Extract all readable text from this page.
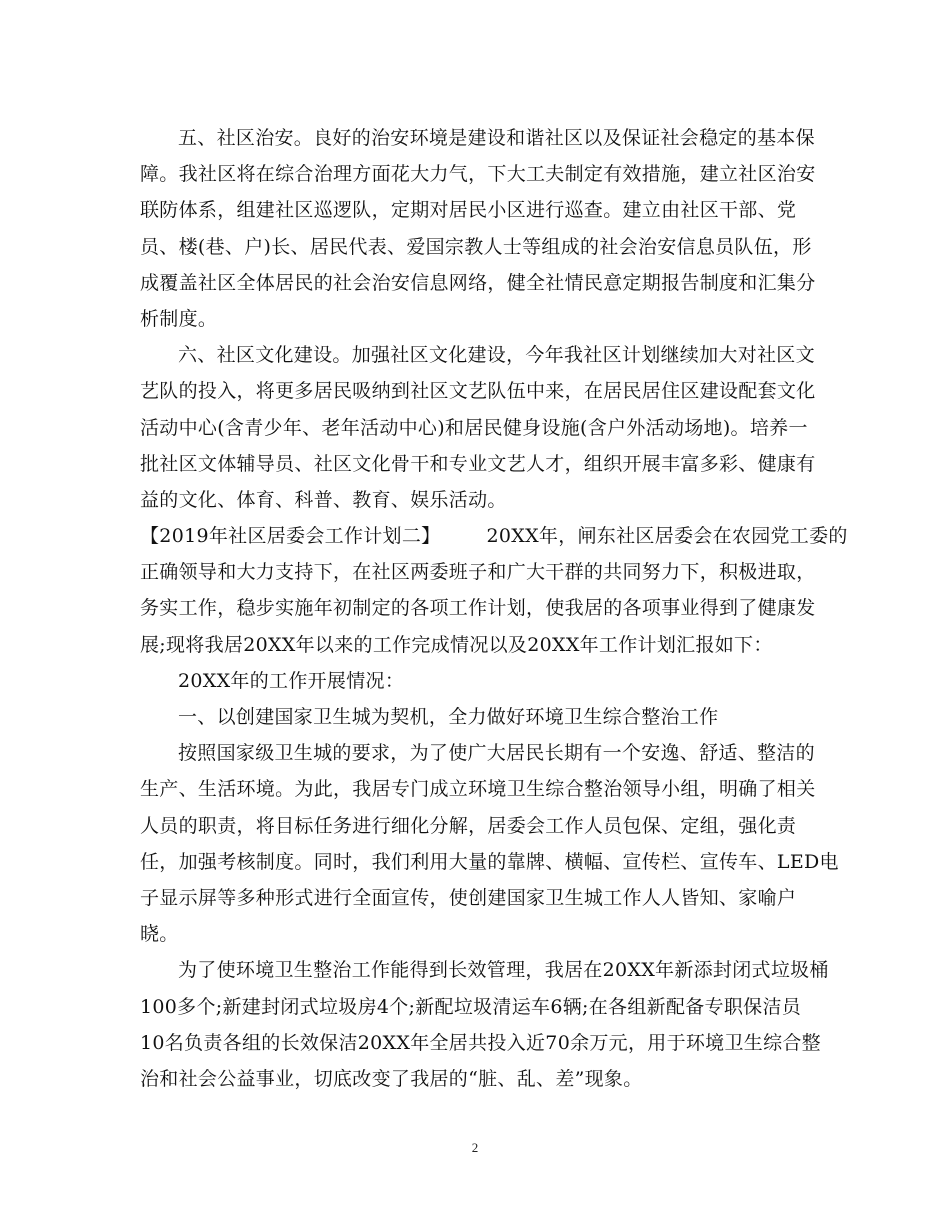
五、社区治安。良好的治安环境是建设和谐社区以及保证社会稳定的基本保
障。我社区将在综合治理方面花大力气，下大工夫制定有效措施，建立社区治安
联防体系，组建社区巡逻队，定期对居民小区进行巡查。建立由社区干部、党
员、楼(巷、户)长、居民代表、爱国宗教人士等组成的社会治安信息员队伍，形
成覆盖社区全体居民的社会治安信息网络，健全社情民意定期报告制度和汇集分
析制度。
六、社区文化建设。加强社区文化建设，今年我社区计划继续加大对社区文
艺队的投入，将更多居民吸纳到社区文艺队伍中来，在居民居住区建设配套文化
活动中心(含青少年、老年活动中心)和居民健身设施(含户外活动场地)。培养一
批社区文体辅导员、社区文化骨干和专业文艺人才，组织开展丰富多彩、健康有
益的文化、体育、科普、教育、娱乐活动。
【2019年社区居委会工作计划二】 20XX年，闸东社区居委会在农园党工委的
正确领导和大力支持下，在社区两委班子和广大干群的共同努力下，积极进取，
务实工作，稳步实施年初制定的各项工作计划，使我居的各项事业得到了健康发
展;现将我居20XX年以来的工作完成情况以及20XX年工作计划汇报如下：
20XX年的工作开展情况：
一、以创建国家卫生城为契机，全力做好环境卫生综合整治工作
按照国家级卫生城的要求，为了使广大居民长期有一个安逸、舒适、整洁的
生产、生活环境。为此，我居专门成立环境卫生综合整治领导小组，明确了相关
人员的职责，将目标任务进行细化分解，居委会工作人员包保、定组，强化责
任，加强考核制度。同时，我们利用大量的靠牌、横幅、宣传栏、宣传车、LED电
子显示屏等多种形式进行全面宣传，使创建国家卫生城工作人人皆知、家喻户
晓。
为了使环境卫生整治工作能得到长效管理，我居在20XX年新添封闭式垃圾桶
100多个;新建封闭式垃圾房4个;新配垃圾清运车6辆;在各组新配备专职保洁员
10名负责各组的长效保洁20XX年全居共投入近70余万元，用于环境卫生综合整
治和社会公益事业，切底改变了我居的“脏、乱、差”现象。
2
